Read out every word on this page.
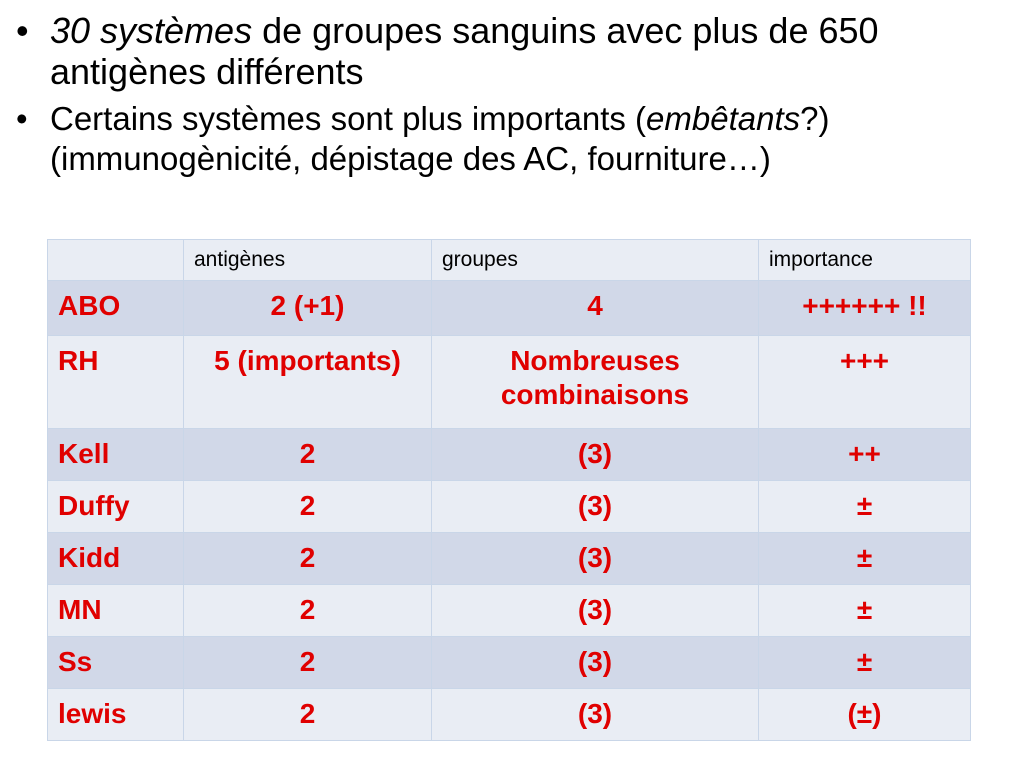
• 30 systèmes de groupes sanguins avec plus de 650 antigènes différents
• Certains systèmes sont plus importants (embêtants?) (immunogènicité, dépistage des AC, fourniture…)
	antigènes	groupes	importance
ABO	2 (+1)	4	++++++ !!
RH	5 (importants)	Nombreuses combinaisons	+++
Kell	2	(3)	++
Duffy	2	(3)	±
Kidd	2	(3)	±
MN	2	(3)	±
Ss	2	(3)	±
lewis	2	(3)	(±)
